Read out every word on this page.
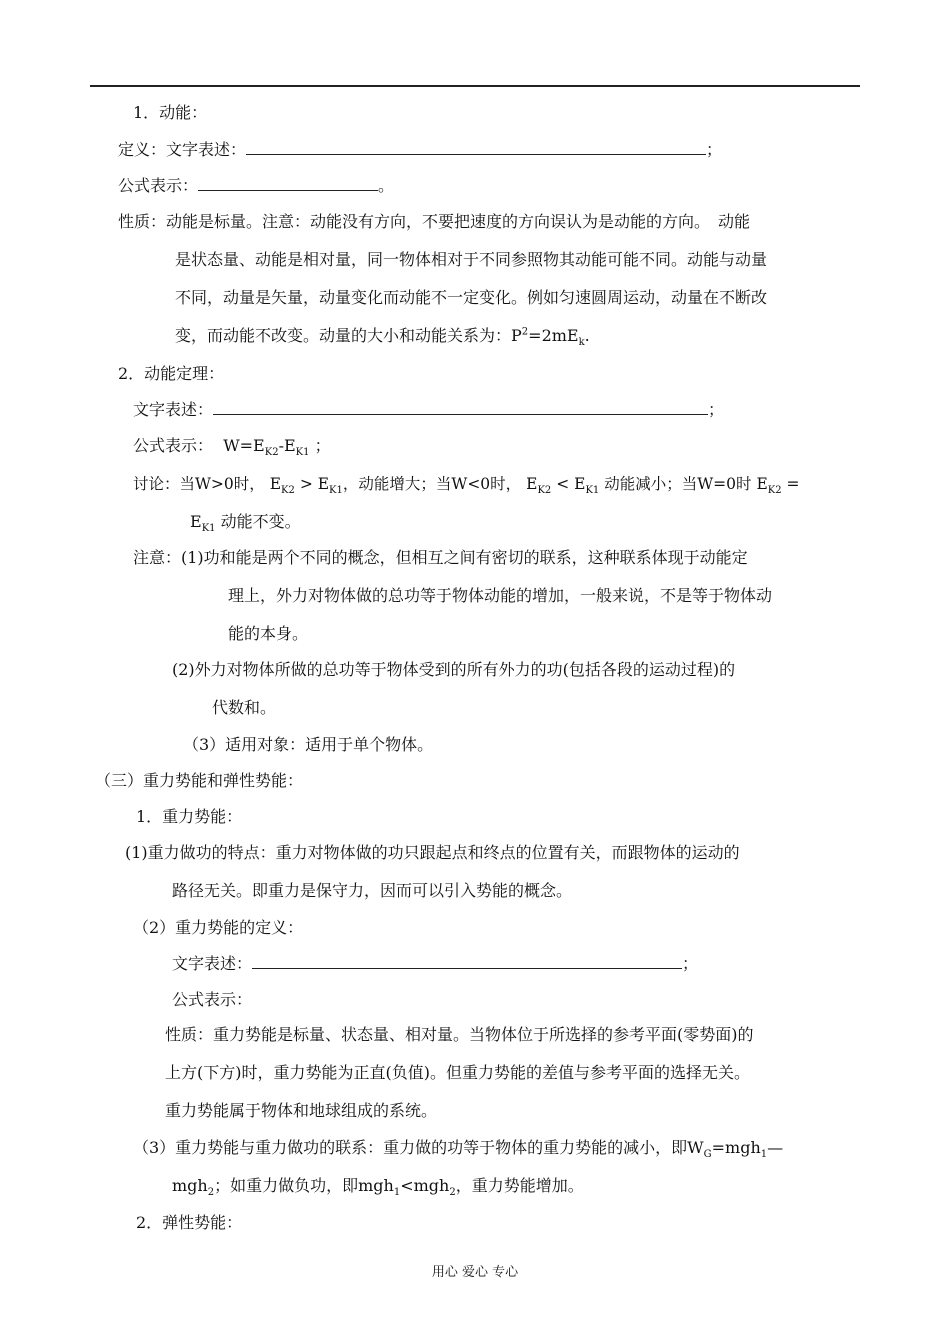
1．动能：
定义：文字表述：	；
公式表示：	。
性质：动能是标量。注意：动能没有方向，不要把速度的方向误认为是动能的方向。　动能
是状态量、动能是相对量，同一物体相对于不同参照物其动能可能不同。动能与动量
不同，动量是矢量，动量变化而动能不一定变化。例如匀速圆周运动，动量在不断改
变，而动能不改变。动量的大小和动能关系为：$P^2=2mE_k$.
2．动能定理：
文字表述：	；
公式表示： $W=E_{K2}-E_{K1}$ ；
讨论：当W>0时， $E_{K2} > E_{K1}$，动能增大；当W<0时， $E_{K2} < E_{K1}$ 动能减小；当W=0时 $E_{K2}$ =
$E_{K1}$ 动能不变。
注意：(1)功和能是两个不同的概念，但相互之间有密切的联系，这种联系体现于动能定
理上，外力对物体做的总功等于物体动能的增加，一般来说，不是等于物体动
能的本身。
(2)外力对物体所做的总功等于物体受到的所有外力的功(包括各段的运动过程)的
代数和。
（3）适用对象：适用于单个物体。
（三）重力势能和弹性势能：
1．重力势能：
(1)重力做功的特点：重力对物体做的功只跟起点和终点的位置有关，而跟物体的运动的
路径无关。即重力是保守力，因而可以引入势能的概念。
（2）重力势能的定义：
文字表述：	；
公式表示：
性质：重力势能是标量、状态量、相对量。当物体位于所选择的参考平面(零势面)的
上方(下方)时，重力势能为正直(负值)。但重力势能的差值与参考平面的选择无关。
重力势能属于物体和地球组成的系统。
（3）重力势能与重力做功的联系：重力做的功等于物体的重力势能的减小，即$W_G=mgh_1—$
mgh$_2$；如重力做负功，即mgh$_1$<mgh$_2$，重力势能增加。
2．弹性势能：
用心 爱心 专心
